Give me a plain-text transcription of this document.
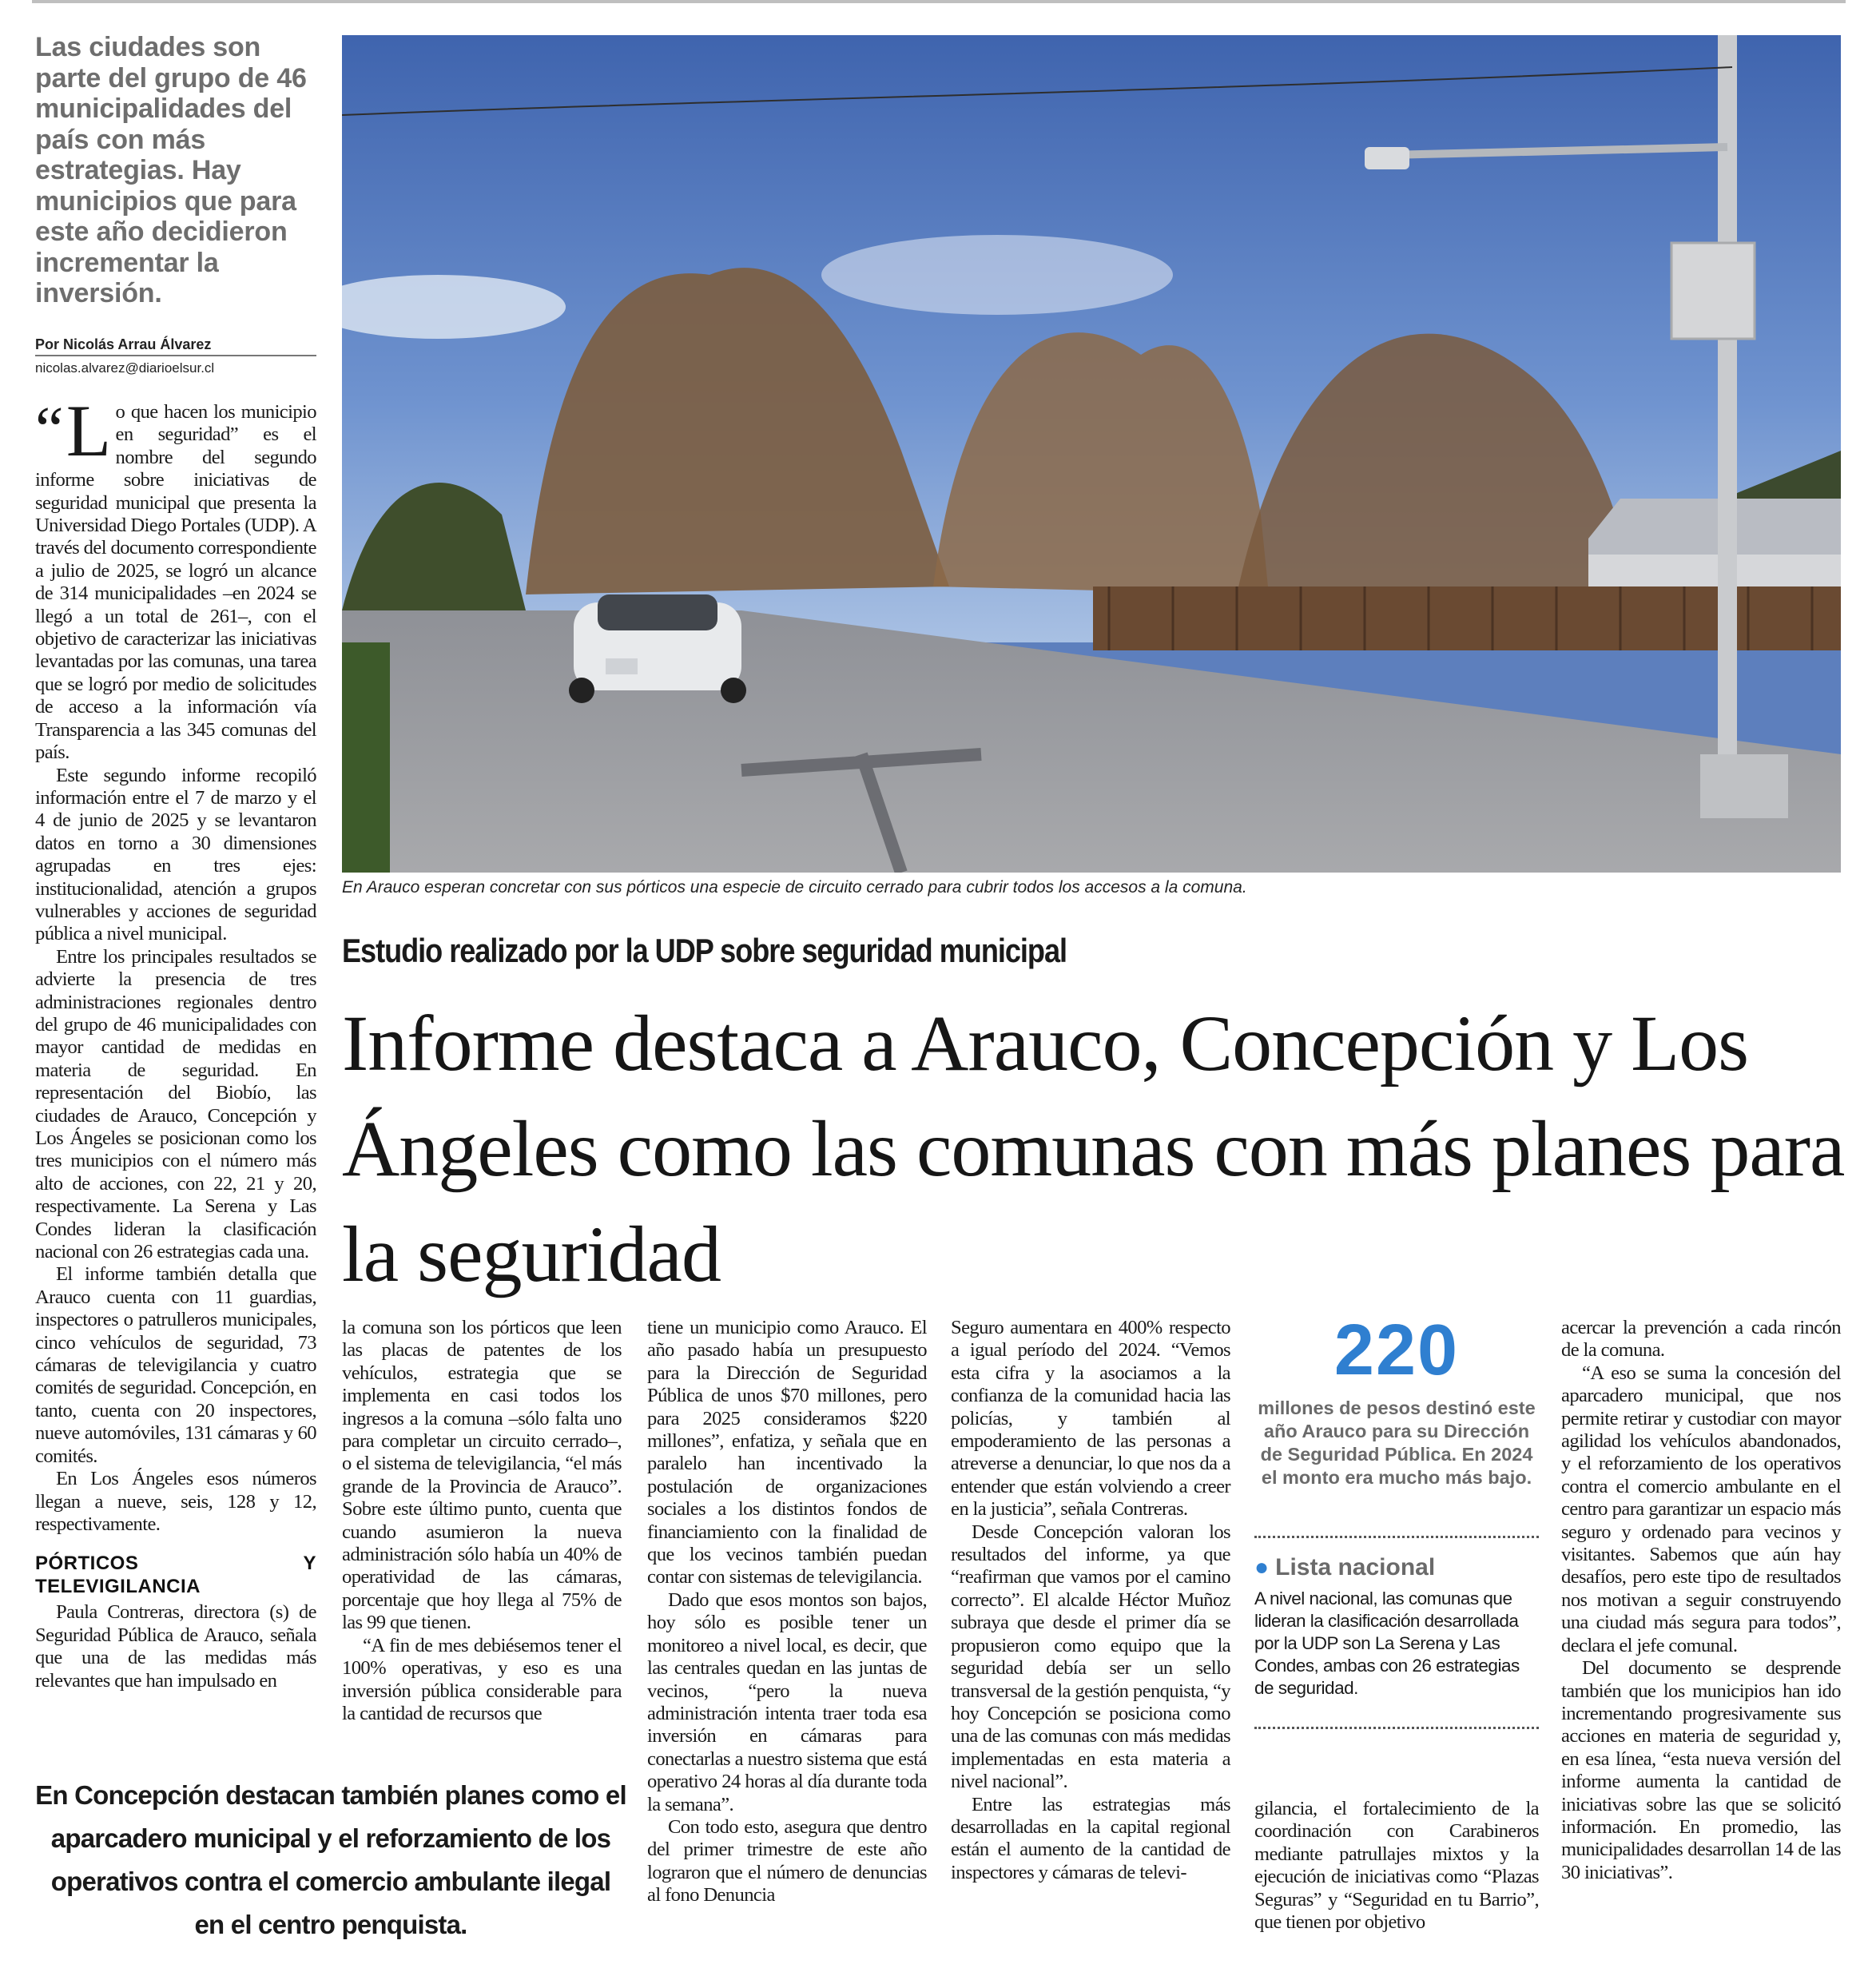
Las ciudades son parte del grupo de 46 municipalidades del país con más estrategias. Hay municipios que para este año decidieron incrementar la inversión.
Por Nicolás Arrau Álvarez
nicolas.alvarez@diarioelsur.cl

“ L o que hacen los municipio en seguridad” es el nombre del segundo informe sobre iniciativas de seguridad municipal que presenta la Universidad Diego Portales (UDP). A través del documento correspondiente a julio de 2025, se logró un alcance de 314 municipalidades –en 2024 se llegó a un total de 261–, con el objetivo de caracterizar las iniciativas levantadas por las comunas, una tarea que se logró por medio de solicitudes de acceso a la información vía Transparencia a las 345 comunas del país.

Este segundo informe recopiló información entre el 7 de marzo y el 4 de junio de 2025 y se levantaron datos en torno a 30 dimensiones agrupadas en tres ejes: institucionalidad, atención a grupos vulnerables y acciones de seguridad pública a nivel municipal.

Entre los principales resultados se advierte la presencia de tres administraciones regionales dentro del grupo de 46 municipalidades con mayor cantidad de medidas en materia de seguridad. En representación del Biobío, las ciudades de Arauco, Concepción y Los Ángeles se posicionan como los tres municipios con el número más alto de acciones, con 22, 21 y 20, respectivamente. La Serena y Las Condes lideran la clasificación nacional con 26 estrategias cada una.

El informe también detalla que Arauco cuenta con 11 guardias, inspectores o patrulleros municipales, cinco vehículos de seguridad, 73 cámaras de televigilancia y cuatro comités de seguridad. Concepción, en tanto, cuenta con 20 inspectores, nueve automóviles, 131 cámaras y 60 comités.

En Los Ángeles esos números llegan a nueve, seis, 128 y 12, respectivamente.

PÓRTICOS Y TELEVIGILANCIA

Paula Contreras, directora (s) de Seguridad Pública de Arauco, señala que una de las medidas más relevantes que han impulsado en

En Arauco esperan concretar con sus pórticos una especie de circuito cerrado para cubrir todos los accesos a la comuna.
Estudio realizado por la UDP sobre seguridad municipal
Informe destaca a Arauco, Concepción y Los Ángeles como las comunas con más planes para la seguridad

la comuna son los pórticos que leen las placas de patentes de los vehículos, estrategia que se implementa en casi todos los ingresos a la comuna –sólo falta uno para completar un circuito cerrado–, o el sistema de televigilancia, “el más grande de la Provincia de Arauco”. Sobre este último punto, cuenta que cuando asumieron la nueva administración sólo había un 40% de operatividad de las cámaras, porcentaje que hoy llega al 75% de las 99 que tienen.

“A fin de mes debiésemos tener el 100% operativas, y eso es una inversión pública considerable para la cantidad de recursos que

tiene un municipio como Arauco. El año pasado había un presupuesto para la Dirección de Seguridad Pública de unos $70 millones, pero para 2025 consideramos $220 millones”, enfatiza, y señala que en paralelo han incentivado la postulación de organizaciones sociales a los distintos fondos de financiamiento con la finalidad de que los vecinos también puedan contar con sistemas de televigilancia.

Dado que esos montos son bajos, hoy sólo es posible tener un monitoreo a nivel local, es decir, que las centrales quedan en las juntas de vecinos, “pero la nueva administración intenta traer toda esa inversión en cámaras para conectarlas a nuestro sistema que está operativo 24 horas al día durante toda la semana”.

Con todo esto, asegura que dentro del primer trimestre de este año lograron que el número de denuncias al fono Denuncia

Seguro aumentara en 400% respecto a igual período del 2024. “Vemos esta cifra y la asociamos a la confianza de la comunidad hacia las policías, y también al empoderamiento de las personas a atreverse a denunciar, lo que nos da a entender que están volviendo a creer en la justicia”, señala Contreras.

Desde Concepción valoran los resultados del informe, ya que “reafirman que vamos por el camino correcto”. El alcalde Héctor Muñoz subraya que desde el primer día se propusieron como equipo que la seguridad debía ser un sello transversal de la gestión penquista, “y hoy Concepción se posiciona como una de las comunas con más medidas implementadas en esta materia a nivel nacional”.

Entre las estrategias más desarrolladas en la capital regional están el aumento de la cantidad de inspectores y cámaras de televi-

220
millones de pesos destinó este año Arauco para su Dirección de Seguridad Pública. En 2024 el monto era mucho más bajo.
● Lista nacional
A nivel nacional, las comunas que lideran la clasificación desarrollada por la UDP son La Serena y Las Condes, ambas con 26 estrategias de seguridad.

gilancia, el fortalecimiento de la coordinación con Carabineros mediante patrullajes mixtos y la ejecución de iniciativas como “Plazas Seguras” y “Seguridad en tu Barrio”, que tienen por objetivo

acercar la prevención a cada rincón de la comuna.

“A eso se suma la concesión del aparcadero municipal, que nos permite retirar y custodiar con mayor agilidad los vehículos abandonados, y el reforzamiento de los operativos contra el comercio ambulante en el centro para garantizar un espacio más seguro y ordenado para vecinos y visitantes. Sabemos que aún hay desafíos, pero este tipo de resultados nos motivan a seguir construyendo una ciudad más segura para todos”, declara el jefe comunal.

Del documento se desprende también que los municipios han ido incrementando progresivamente sus acciones en materia de seguridad y, en esa línea, “esta nueva versión del informe aumenta la cantidad de iniciativas sobre las que se solicitó información. En promedio, las municipalidades desarrollan 14 de las 30 iniciativas”.

En Concepción destacan también planes como el aparcadero municipal y el reforzamiento de los operativos contra el comercio ambulante ilegal en el centro penquista.
